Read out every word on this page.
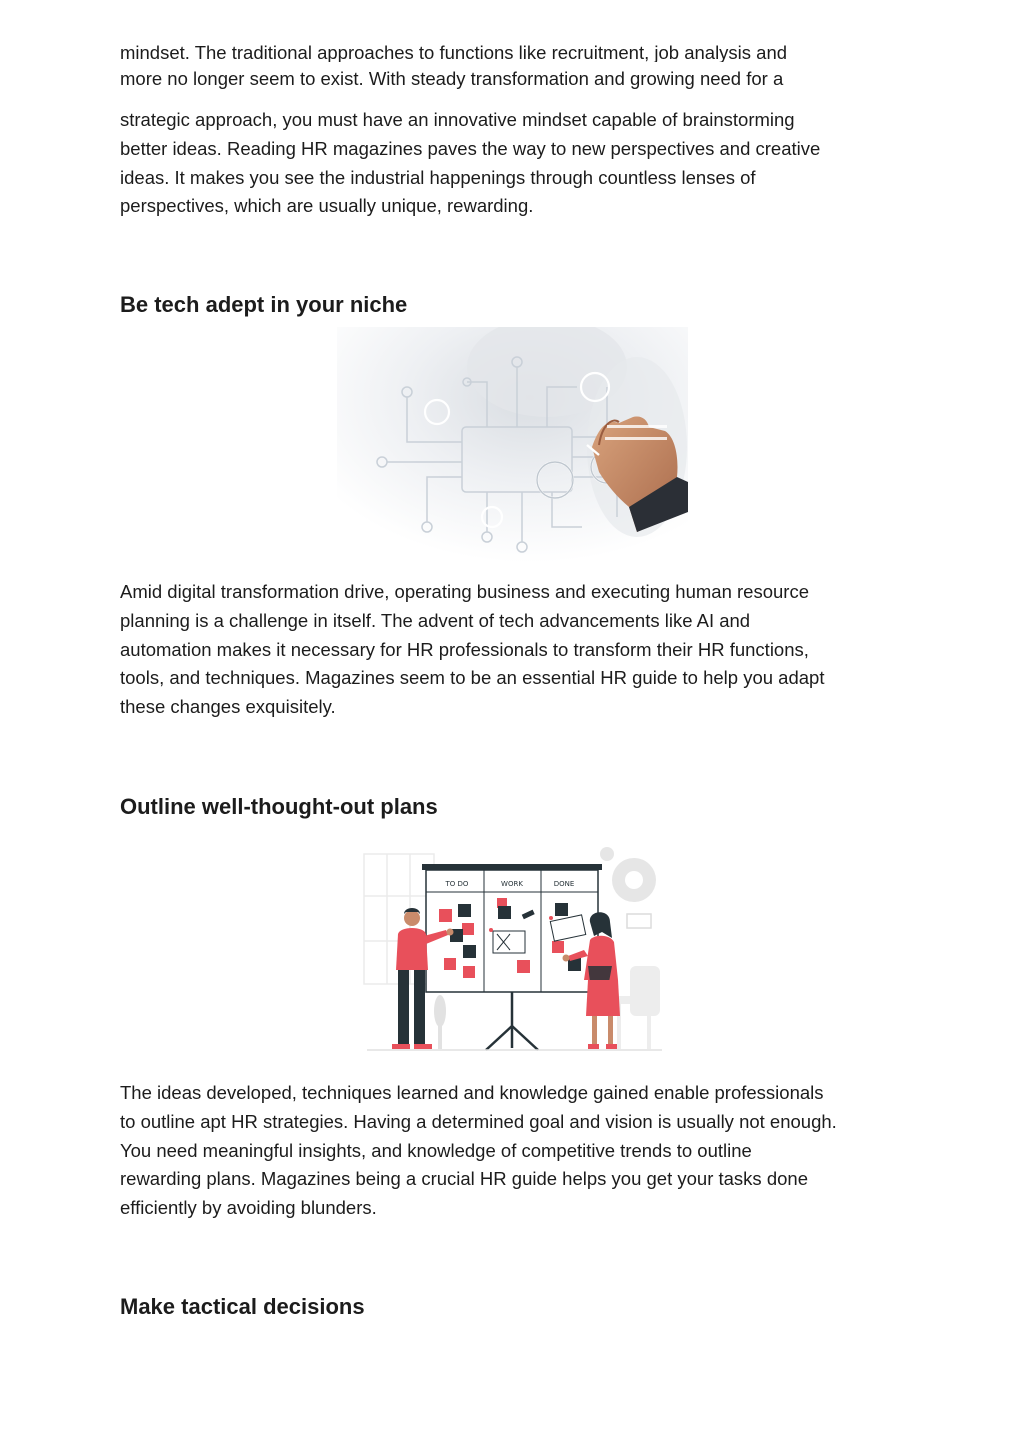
mindset. The traditional approaches to functions like recruitment, job analysis and

more no longer seem to exist. With steady transformation and growing need for a

strategic approach, you must have an innovative mindset capable of brainstorming
better ideas. Reading HR magazines paves the way to new perspectives and creative
ideas. It makes you see the industrial happenings through countless lenses of
perspectives, which are usually unique, rewarding.

Be tech adept in your niche

Amid digital transformation drive, operating business and executing human resource
planning is a challenge in itself. The advent of tech advancements like AI and
automation makes it necessary for HR professionals to transform their HR functions,
tools, and techniques. Magazines seem to be an essential HR guide to help you adapt
these changes exquisitely.

Outline well-thought-out plans
TO DO	WORK	DONE

The ideas developed, techniques learned and knowledge gained enable professionals
to outline apt HR strategies. Having a determined goal and vision is usually not enough.
You need meaningful insights, and knowledge of competitive trends to outline
rewarding plans. Magazines being a crucial HR guide helps you get your tasks done
efficiently by avoiding blunders.

Make tactical decisions
